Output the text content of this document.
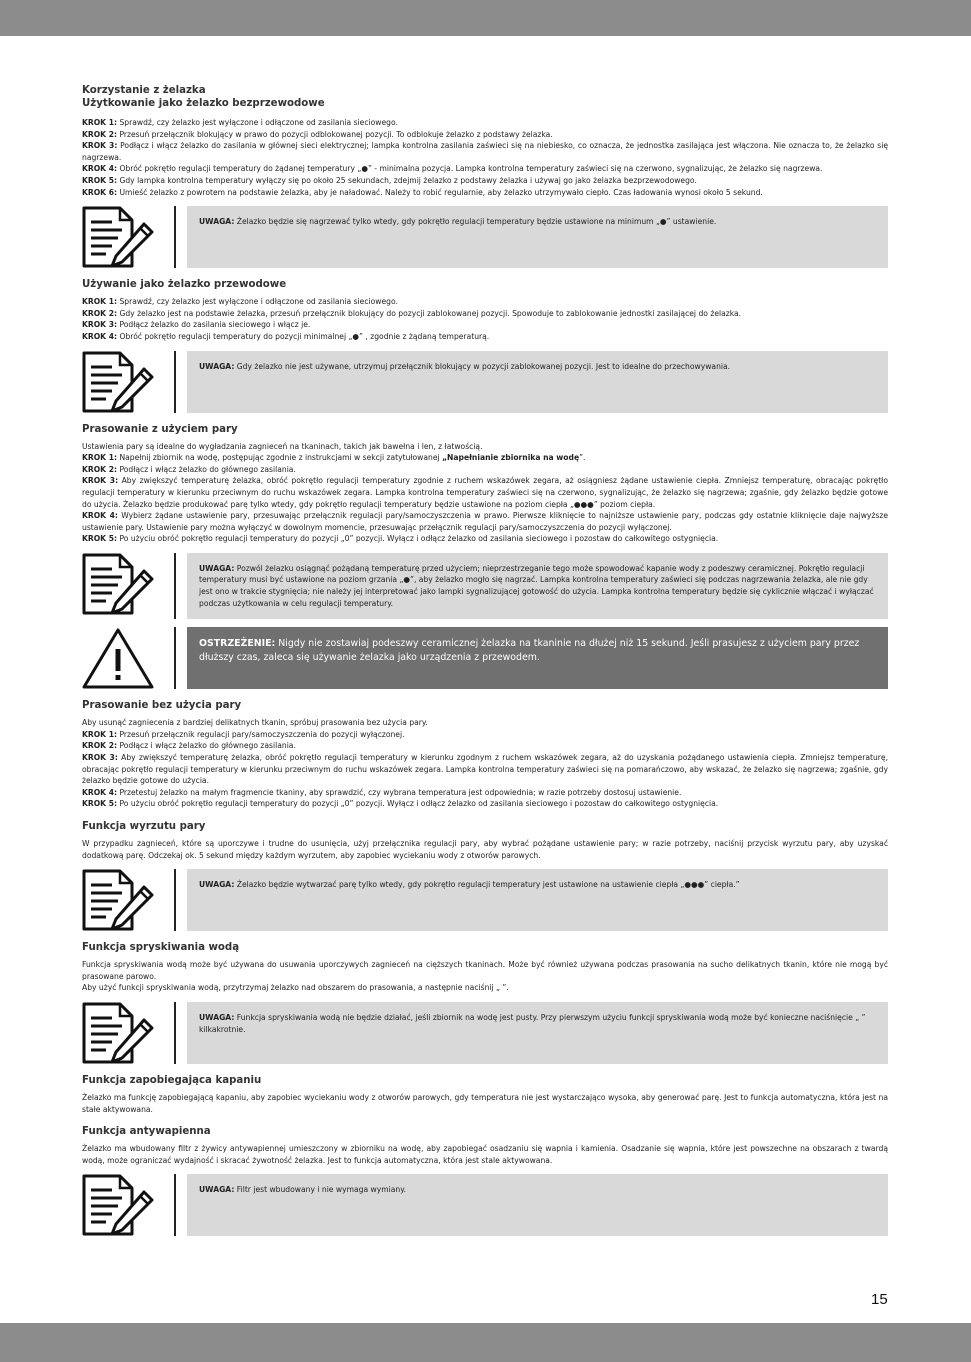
Korzystanie z żelazka
Użytkowanie jako żelazko bezprzewodowe

KROK 1: Sprawdź, czy żelazko jest wyłączone i odłączone od zasilania sieciowego.

KROK 2: Przesuń przełącznik blokujący w prawo do pozycji odblokowanej pozycji. To odblokuje żelazko z podstawy żelazka.

KROK 3: Podłącz i włącz żelazko do zasilania w głównej sieci elektrycznej; lampka kontrolna zasilania zaświeci się na niebiesko, co oznacza, że jednostka zasilająca jest włączona. Nie oznacza to, że żelazko się nagrzewa.

KROK 4: Obróć pokrętło regulacji temperatury do żądanej temperatury „●” - minimalna pozycja. Lampka kontrolna temperatury zaświeci się na czerwono, sygnalizując, że żelazko się nagrzewa.

KROK 5: Gdy lampka kontrolna temperatury wyłączy się po około 25 sekundach, zdejmij żelazko z podstawy żelazka i używaj go jako żelazka bezprzewodowego.

KROK 6: Umieść żelazko z powrotem na podstawie żelazka, aby je naładować. Należy to robić regularnie, aby żelazko utrzymywało ciepło. Czas ładowania wynosi około 5 sekund.

UWAGA: Żelazko będzie się nagrzewać tylko wtedy, gdy pokrętło regulacji temperatury będzie ustawione na minimum „●” ustawienie.
Używanie jako żelazko przewodowe

KROK 1: Sprawdź, czy żelazko jest wyłączone i odłączone od zasilania sieciowego.

KROK 2: Gdy żelazko jest na podstawie żelazka, przesuń przełącznik blokujący do pozycji zablokowanej pozycji. Spowoduje to zablokowanie jednostki zasilającej do żelazka.

KROK 3: Podłącz żelazko do zasilania sieciowego i włącz je.

KROK 4: Obróć pokrętło regulacji temperatury do pozycji minimalnej „●” , zgodnie z żądaną temperaturą.

UWAGA: Gdy żelazko nie jest używane, utrzymuj przełącznik blokujący w pozycji zablokowanej pozycji. Jest to idealne do przechowywania.
Prasowanie z użyciem pary

Ustawienia pary są idealne do wygładzania zagnieceń na tkaninach, takich jak bawełna i len, z łatwością.

KROK 1: Napełnij zbiornik na wodę, postępując zgodnie z instrukcjami w sekcji zatytułowanej „Napełnianie zbiornika na wodę”.

KROK 2: Podłącz i włącz żelazko do głównego zasilania.

KROK 3: Aby zwiększyć temperaturę żelazka, obróć pokrętło regulacji temperatury zgodnie z ruchem wskazówek zegara, aż osiągniesz żądane ustawienie ciepła. Zmniejsz temperaturę, obracając pokrętło regulacji temperatury w kierunku przeciwnym do ruchu wskazówek zegara. Lampka kontrolna temperatury zaświeci się na czerwono, sygnalizując, że żelazko się nagrzewa; zgaśnie, gdy żelazko będzie gotowe do użycia. Żelazko będzie produkować parę tylko wtedy, gdy pokrętło regulacji temperatury będzie ustawione na poziom ciepła „●●●” poziom ciepła.

KROK 4: Wybierz żądane ustawienie pary, przesuwając przełącznik regulacji pary/samoczyszczenia w prawo. Pierwsze kliknięcie to najniższe ustawienie pary, podczas gdy ostatnie kliknięcie daje najwyższe ustawienie pary. Ustawienie pary można wyłączyć w dowolnym momencie, przesuwając przełącznik regulacji pary/samoczyszczenia do pozycji wyłączonej.

KROK 5: Po użyciu obróć pokrętło regulacji temperatury do pozycji „0” pozycji. Wyłącz i odłącz żelazko od zasilania sieciowego i pozostaw do całkowitego ostygnięcia.

UWAGA: Pozwól żelazku osiągnąć pożądaną temperaturę przed użyciem; nieprzestrzeganie tego może spowodować kapanie wody z podeszwy ceramicznej. Pokrętło regulacji temperatury musi być ustawione na poziom grzania „●”, aby żelazko mogło się nagrzać. Lampka kontrolna temperatury zaświeci się podczas nagrzewania żelazka, ale nie gdy jest ono w trakcie stygnięcia; nie należy jej interpretować jako lampki sygnalizującej gotowość do użycia. Lampka kontrolna temperatury będzie się cyklicznie włączać i wyłączać podczas użytkowania w celu regulacji temperatury.
OSTRZEŻENIE: Nigdy nie zostawiaj podeszwy ceramicznej żelazka na tkaninie na dłużej niż 15 sekund. Jeśli prasujesz z użyciem pary przez dłuższy czas, zaleca się używanie żelazka jako urządzenia z przewodem.
Prasowanie bez użycia pary

Aby usunąć zagniecenia z bardziej delikatnych tkanin, spróbuj prasowania bez użycia pary.

KROK 1: Przesuń przełącznik regulacji pary/samoczyszczenia do pozycji wyłączonej.

KROK 2: Podłącz i włącz żelazko do głównego zasilania.

KROK 3: Aby zwiększyć temperaturę żelazka, obróć pokrętło regulacji temperatury w kierunku zgodnym z ruchem wskazówek zegara, aż do uzyskania pożądanego ustawienia ciepła. Zmniejsz temperaturę, obracając pokrętło regulacji temperatury w kierunku przeciwnym do ruchu wskazówek zegara. Lampka kontrolna temperatury zaświeci się na pomarańczowo, aby wskazać, że żelazko się nagrzewa; zgaśnie, gdy żelazko będzie gotowe do użycia.

KROK 4: Przetestuj żelazko na małym fragmencie tkaniny, aby sprawdzić, czy wybrana temperatura jest odpowiednia; w razie potrzeby dostosuj ustawienie.

KROK 5: Po użyciu obróć pokrętło regulacji temperatury do pozycji „0” pozycji. Wyłącz i odłącz żelazko od zasilania sieciowego i pozostaw do całkowitego ostygnięcia.

Funkcja wyrzutu pary

W przypadku zagnieceń, które są uporczywe i trudne do usunięcia, użyj przełącznika regulacji pary, aby wybrać pożądane ustawienie pary; w razie potrzeby, naciśnij przycisk wyrzutu pary, aby uzyskać dodatkową parę. Odczekaj ok. 5 sekund między każdym wyrzutem, aby zapobiec wyciekaniu wody z otworów parowych.

UWAGA: Żelazko będzie wytwarzać parę tylko wtedy, gdy pokrętło regulacji temperatury jest ustawione na ustawienie ciepła „●●●” ciepła.”
Funkcja spryskiwania wodą

Funkcja spryskiwania wodą może być używana do usuwania uporczywych zagnieceń na cięższych tkaninach. Może być również używana podczas prasowania na sucho delikatnych tkanin, które nie mogą być prasowane parowo.

Aby użyć funkcji spryskiwania wodą, przytrzymaj żelazko nad obszarem do prasowania, a następnie naciśnij „ ”.

UWAGA: Funkcja spryskiwania wodą nie będzie działać, jeśli zbiornik na wodę jest pusty. Przy pierwszym użyciu funkcji spryskiwania wodą może być konieczne naciśnięcie „ ” kilkakrotnie.
Funkcja zapobiegająca kapaniu

Żelazko ma funkcję zapobiegającą kapaniu, aby zapobiec wyciekaniu wody z otworów parowych, gdy temperatura nie jest wystarczająco wysoka, aby generować parę. Jest to funkcja automatyczna, która jest na stałe aktywowana.

Funkcja antywapienna

Żelazko ma wbudowany filtr z żywicy antywapiennej umieszczony w zbiorniku na wodę, aby zapobiegać osadzaniu się wapnia i kamienia. Osadzanie się wapnia, które jest powszechne na obszarach z twardą wodą, może ograniczać wydajność i skracać żywotność żelazka. Jest to funkcja automatyczna, która jest stale aktywowana.

UWAGA: Filtr jest wbudowany i nie wymaga wymiany.
15
